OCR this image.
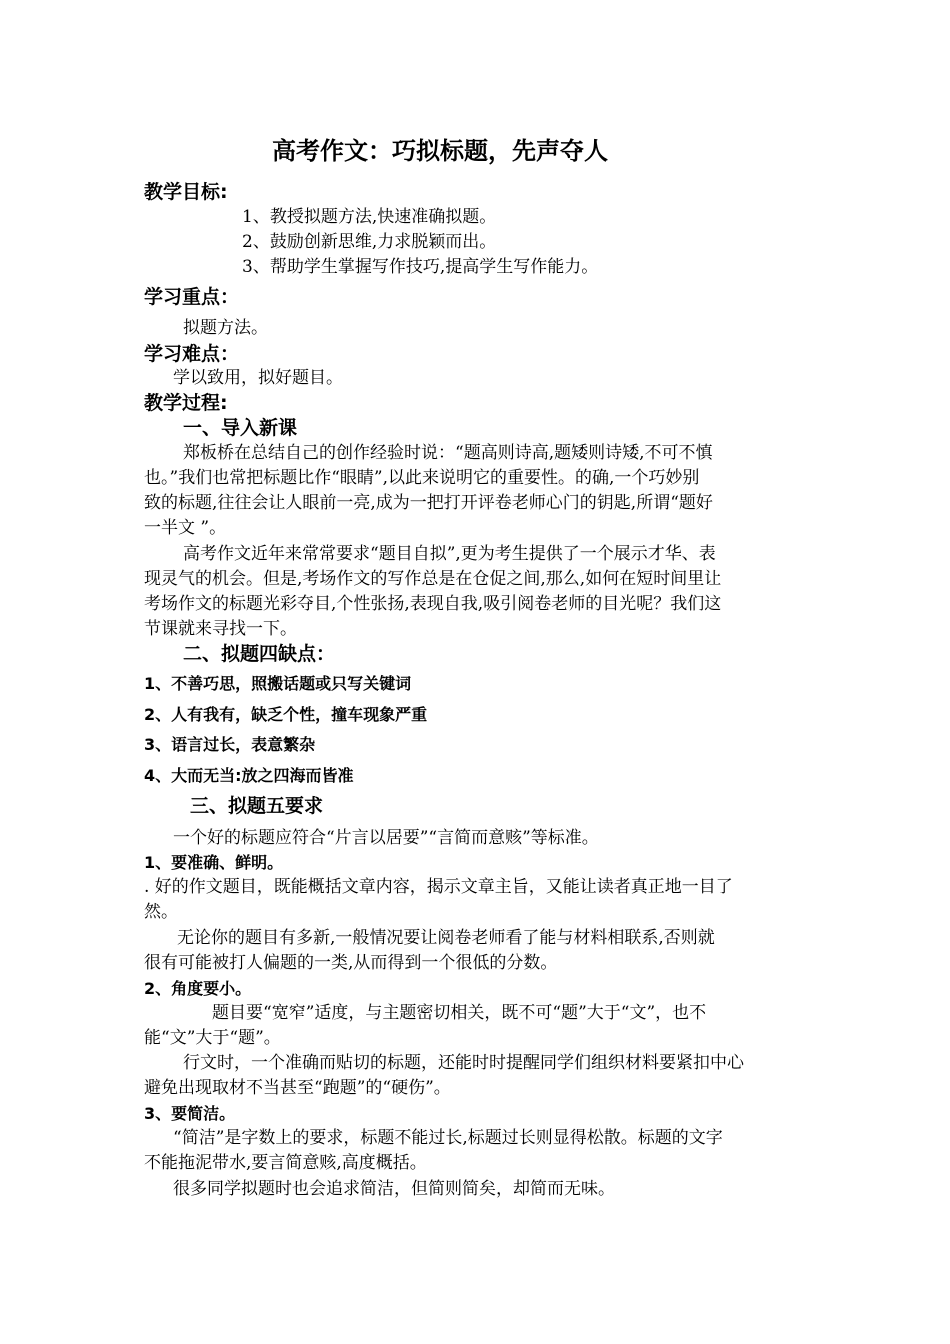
高考作文：巧拟标题，先声夺人
教学目标:
1、教授拟题方法,快速准确拟题。
2、鼓励创新思维,力求脱颖而出。
3、帮助学生掌握写作技巧,提高学生写作能力。
学习重点：
拟题方法。
学习难点：
学以致用，拟好题目。
教学过程:
一、导入新课
郑板桥在总结自己的创作经验时说：“题高则诗高,题矮则诗矮,不可不慎
也。”我们也常把标题比作“眼睛”,以此来说明它的重要性。的确,一个巧妙别
致的标题,往往会让人眼前一亮,成为一把打开评卷老师心门的钥匙,所谓“题好
一半文 ”。
高考作文近年来常常要求“题目自拟”,更为考生提供了一个展示才华、表
现灵气的机会。但是,考场作文的写作总是在仓促之间,那么,如何在短时间里让
考场作文的标题光彩夺目,个性张扬,表现自我,吸引阅卷老师的目光呢？我们这
节课就来寻找一下。
二、拟题四缺点：
1、不善巧思，照搬话题或只写关键词
2、人有我有，缺乏个性，撞车现象严重
3、语言过长，表意繁杂
4、大而无当:放之四海而皆准
三、拟题五要求
一个好的标题应符合“片言以居要”“言简而意赅”等标准。
1、要准确、鲜明。
. 好的作文题目，既能概括文章内容，揭示文章主旨，又能让读者真正地一目了
然。
无论你的题目有多新,一般情况要让阅卷老师看了能与材料相联系,否则就
很有可能被打人偏题的一类,从而得到一个很低的分数。
2、角度要小。
题目要“宽窄”适度，与主题密切相关，既不可“题”大于“文”，也不
能“文”大于“题”。
行文时，一个准确而贴切的标题，还能时时提醒同学们组织材料要紧扣中心
避免出现取材不当甚至“跑题”的“硬伤”。
3、要简洁。
“简洁”是字数上的要求，标题不能过长,标题过长则显得松散。标题的文字
不能拖泥带水,要言简意赅,高度概括。
很多同学拟题时也会追求简洁，但简则简矣，却简而无味。
